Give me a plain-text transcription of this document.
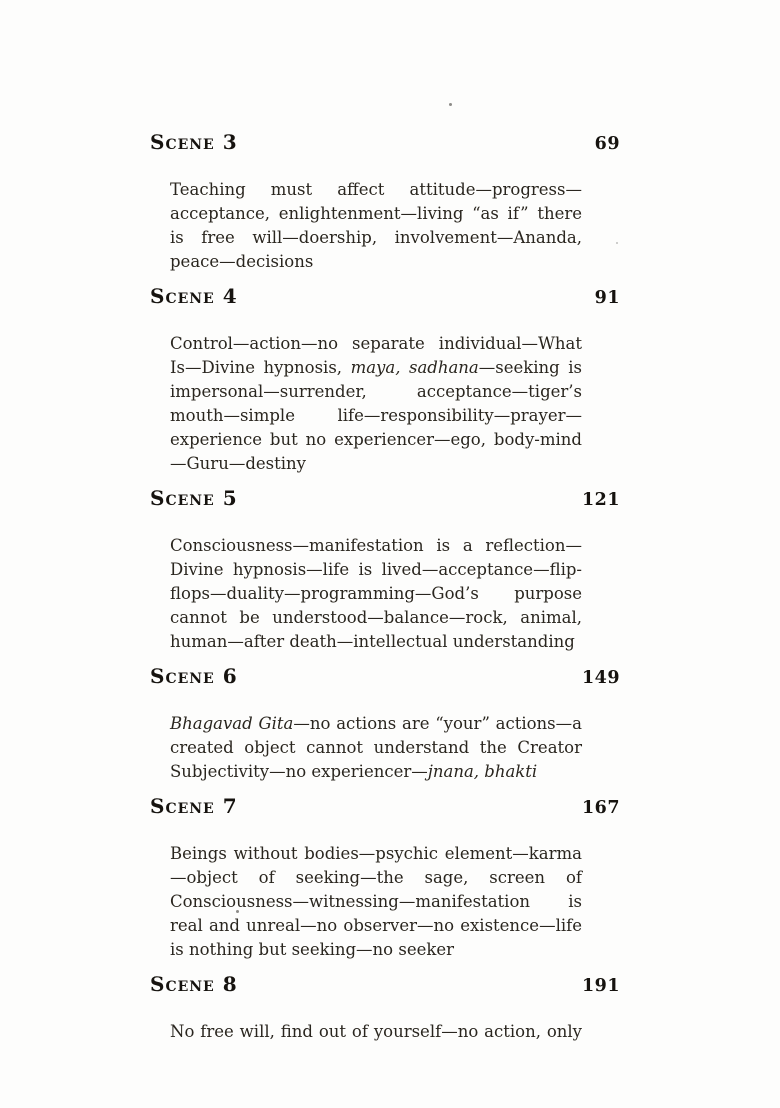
Scene 3	69

Teaching must affect attitude—progress—acceptance, enlightenment—living “as if” there is free will—doership, involvement—Ananda, peace—decisions

Scene 4	91

Control—action—no separate individual—What Is—Divine hypnosis, maya, sadhana—seeking is impersonal—surrender, acceptance—tiger’s mouth—simple life—responsibility—prayer—experience but no experiencer—ego, body-mind—Guru—destiny

Scene 5	121

Consciousness—manifestation is a reflection—Divine hypnosis—life is lived—acceptance—flip-flops—duality—programming—God’s purpose cannot be understood—balance—rock, animal, human—after death—intellectual understanding

Scene 6	149

Bhagavad Gita—no actions are “your” actions—a created object cannot understand the Creator Subjectivity—no experiencer—jnana, bhakti

Scene 7	167

Beings without bodies—psychic element—karma—object of seeking—the sage, screen of Consciousness—witnessing—manifestation is real and unreal—no observer—no existence—life is nothing but seeking—no seeker

Scene 8	191

No free will, find out of yourself—no action, only
